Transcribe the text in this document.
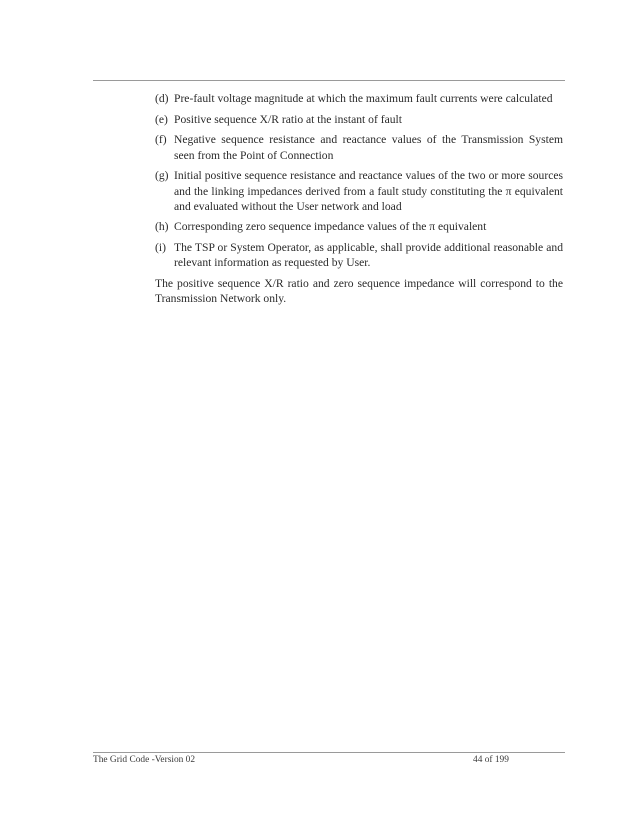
(d) Pre-fault voltage magnitude at which the maximum fault currents were calculated
(e) Positive sequence X/R ratio at the instant of fault
(f) Negative sequence resistance and reactance values of the Transmission System seen from the Point of Connection
(g) Initial positive sequence resistance and reactance values of the two or more sources and the linking impedances derived from a fault study constituting the π equivalent and evaluated without the User network and load
(h) Corresponding zero sequence impedance values of the π equivalent
(i) The TSP or System Operator, as applicable, shall provide additional reasonable and relevant information as requested by User.

The positive sequence X/R ratio and zero sequence impedance will correspond to the Transmission Network only.

The Grid Code -Version 02	44 of 199
